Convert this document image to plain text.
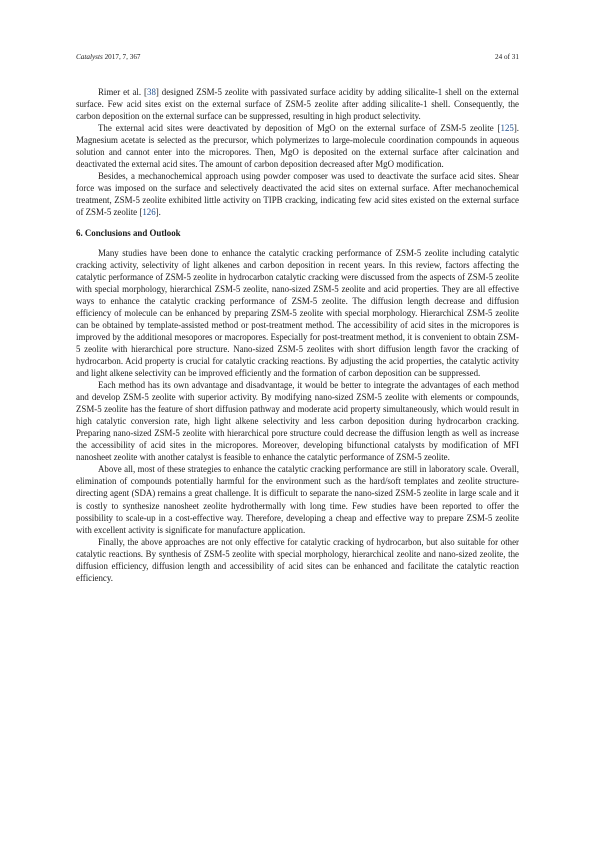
Catalysts 2017, 7, 367	24 of 31

Rimer et al. [38] designed ZSM-5 zeolite with passivated surface acidity by adding silicalite-1 shell on the external surface. Few acid sites exist on the external surface of ZSM-5 zeolite after adding silicalite-1 shell. Consequently, the carbon deposition on the external surface can be suppressed, resulting in high product selectivity.

The external acid sites were deactivated by deposition of MgO on the external surface of ZSM-5 zeolite [125]. Magnesium acetate is selected as the precursor, which polymerizes to large-molecule coordination compounds in aqueous solution and cannot enter into the micropores. Then, MgO is deposited on the external surface after calcination and deactivated the external acid sites. The amount of carbon deposition decreased after MgO modification.

Besides, a mechanochemical approach using powder composer was used to deactivate the surface acid sites. Shear force was imposed on the surface and selectively deactivated the acid sites on external surface. After mechanochemical treatment, ZSM-5 zeolite exhibited little activity on TIPB cracking, indicating few acid sites existed on the external surface of ZSM-5 zeolite [126].

6. Conclusions and Outlook

Many studies have been done to enhance the catalytic cracking performance of ZSM-5 zeolite including catalytic cracking activity, selectivity of light alkenes and carbon deposition in recent years. In this review, factors affecting the catalytic performance of ZSM-5 zeolite in hydrocarbon catalytic cracking were discussed from the aspects of ZSM-5 zeolite with special morphology, hierarchical ZSM-5 zeolite, nano-sized ZSM-5 zeolite and acid properties. They are all effective ways to enhance the catalytic cracking performance of ZSM-5 zeolite. The diffusion length decrease and diffusion efficiency of molecule can be enhanced by preparing ZSM-5 zeolite with special morphology. Hierarchical ZSM-5 zeolite can be obtained by template-assisted method or post-treatment method. The accessibility of acid sites in the micropores is improved by the additional mesopores or macropores. Especially for post-treatment method, it is convenient to obtain ZSM-5 zeolite with hierarchical pore structure. Nano-sized ZSM-5 zeolites with short diffusion length favor the cracking of hydrocarbon. Acid property is crucial for catalytic cracking reactions. By adjusting the acid properties, the catalytic activity and light alkene selectivity can be improved efficiently and the formation of carbon deposition can be suppressed.

Each method has its own advantage and disadvantage, it would be better to integrate the advantages of each method and develop ZSM-5 zeolite with superior activity. By modifying nano-sized ZSM-5 zeolite with elements or compounds, ZSM-5 zeolite has the feature of short diffusion pathway and moderate acid property simultaneously, which would result in high catalytic conversion rate, high light alkene selectivity and less carbon deposition during hydrocarbon cracking. Preparing nano-sized ZSM-5 zeolite with hierarchical pore structure could decrease the diffusion length as well as increase the accessibility of acid sites in the micropores. Moreover, developing bifunctional catalysts by modification of MFI nanosheet zeolite with another catalyst is feasible to enhance the catalytic performance of ZSM-5 zeolite.

Above all, most of these strategies to enhance the catalytic cracking performance are still in laboratory scale. Overall, elimination of compounds potentially harmful for the environment such as the hard/soft templates and zeolite structure-directing agent (SDA) remains a great challenge. It is difficult to separate the nano-sized ZSM-5 zeolite in large scale and it is costly to synthesize nanosheet zeolite hydrothermally with long time. Few studies have been reported to offer the possibility to scale-up in a cost-effective way. Therefore, developing a cheap and effective way to prepare ZSM-5 zeolite with excellent activity is significate for manufacture application.

Finally, the above approaches are not only effective for catalytic cracking of hydrocarbon, but also suitable for other catalytic reactions. By synthesis of ZSM-5 zeolite with special morphology, hierarchical zeolite and nano-sized zeolite, the diffusion efficiency, diffusion length and accessibility of acid sites can be enhanced and facilitate the catalytic reaction efficiency.
